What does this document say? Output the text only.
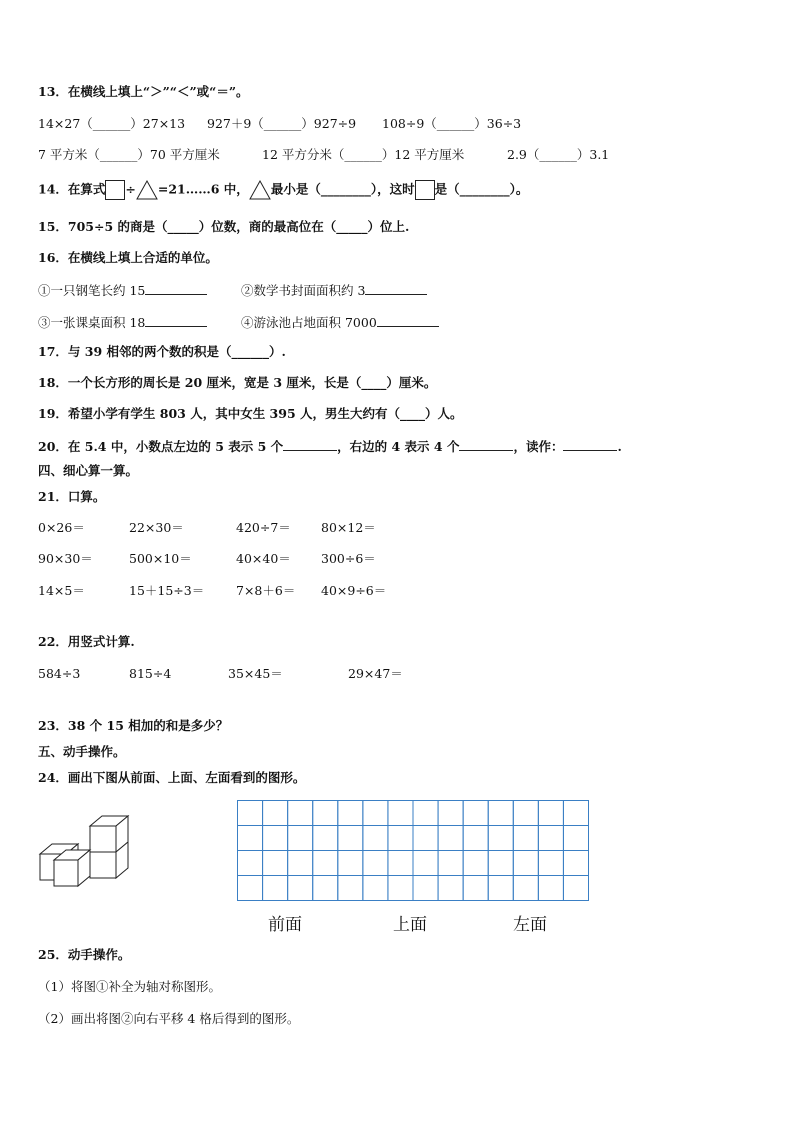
13．在横线上填上“＞”“＜”或“＝”。
14×27（______）27×13 927＋9（______）927÷9 108÷9（______）36÷3
7 平方米（______）70 平方厘米	12 平方分米（______）12 平方厘米	2.9（______）3.1
14．在算式 ÷ =21……6 中， 最小是（________），这时 是（________）。
15．705÷5 的商是（_____）位数，商的最高位在（_____）位上.
16．在横线上填上合适的单位。
①一只钢笔长约 15	②数学书封面面积约 3
③一张课桌面积 18	④游泳池占地面积 7000
17．与 39 相邻的两个数的积是（______）.
18．一个长方形的周长是 20 厘米，宽是 3 厘米，长是（____）厘米。
19．希望小学有学生 803 人，其中女生 395 人，男生大约有（____）人。
20．在 5.4 中，小数点左边的 5 表示 5 个	，右边的 4 表示 4 个	，读作：	.
四、细心算一算。
21．口算。
0×26＝	22×30＝	420÷7＝ 80×12＝
90×30＝	500×10＝	40×40＝ 300÷6＝
14×5＝	15＋15÷3＝	7×8＋6＝ 40×9÷6＝
22．用竖式计算.
584÷3	815÷4	35×45＝	29×47＝
23．38 个 15 相加的和是多少？
五、动手操作。
24．画出下图从前面、上面、左面看到的图形。
前面	上面	左面
25．动手操作。
（1）将图①补全为轴对称图形。
（2）画出将图②向右平移 4 格后得到的图形。
